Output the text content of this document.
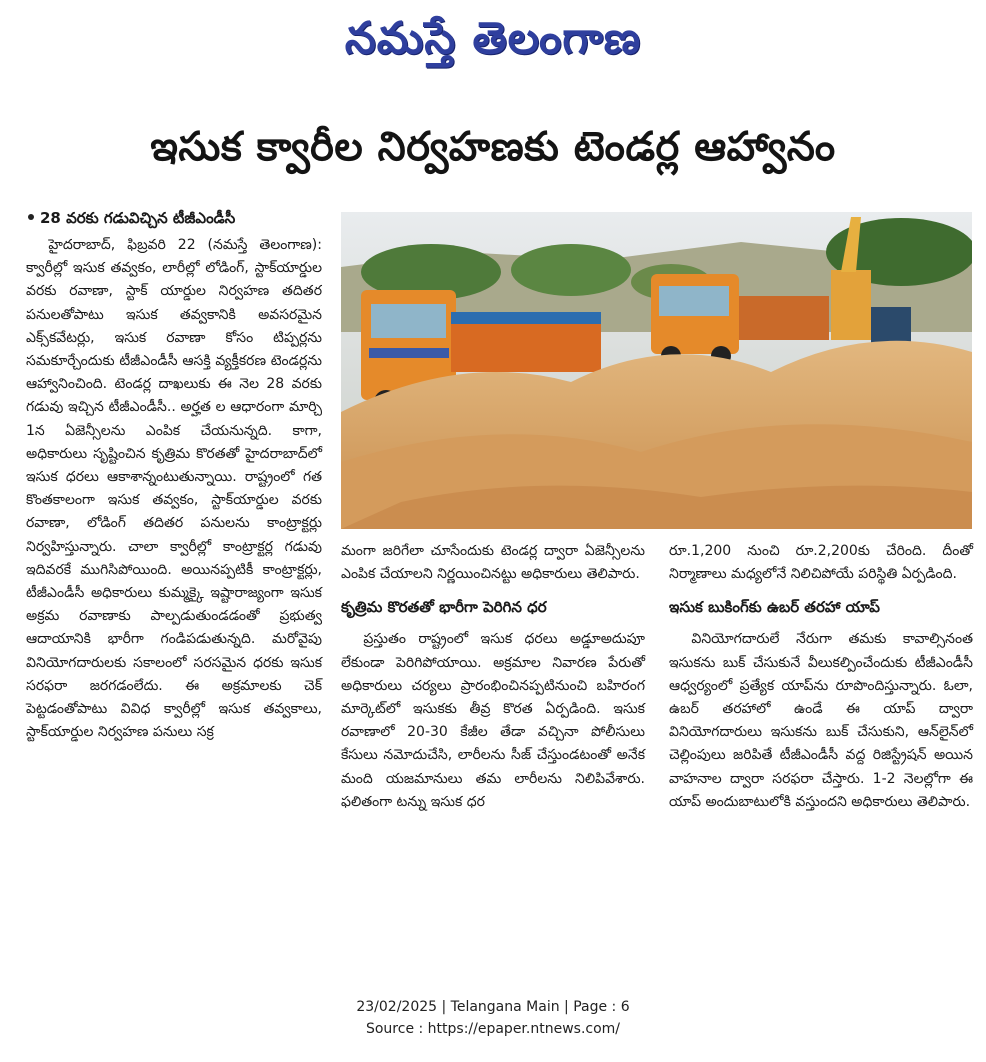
నమస్తే తెలంగాణ
ఇసుక క్వారీల నిర్వహణకు టెండర్ల ఆహ్వానం
28 వరకు గడువిచ్చిన టీజీఎండీసీ

హైదరాబాద్‌, ఫిబ్రవరి 22 (నమస్తే తెలంగాణ): క్వారీల్లో ఇసుక తవ్వకం, లారీల్లో లోడింగ్‌, స్టాక్‌యార్డుల వరకు రవాణా, స్టాక్‌ యార్డుల నిర్వహణ తదితర పనులతోపాటు ఇసుక తవ్వకానికి అవసరమైన ఎక్స్‌కవేటర్లు, ఇసుక రవాణా కోసం టిప్పర్లను సమకూర్చేందుకు టీజీఎండీసీ ఆసక్తి వ్యక్తీకరణ టెండర్లను ఆహ్వానించింది. టెండర్ల దాఖలుకు ఈ నెల 28 వరకు గడువు ఇచ్చిన టీజీఎండీసీ.. అర్హత ల ఆధారంగా మార్చి 1న ఏజెన్సీలను ఎంపిక చేయనున్నది. కాగా, అధికారులు సృష్టించిన కృత్రిమ కొరతతో హైదరాబాద్‌లో ఇసుక ధరలు ఆకాశాన్నంటుతున్నాయి. రాష్ట్రంలో గత కొంతకాలంగా ఇసుక తవ్వకం, స్టాక్‌యార్డుల వరకు రవాణా, లోడింగ్‌ తదితర పనులను కాంట్రాక్టర్లు నిర్వహిస్తున్నారు. చాలా క్వారీల్లో కాంట్రాక్టర్ల గడువు ఇదివరకే ముగిసిపోయింది. అయినప్పటికీ కాంట్రాక్టర్లు, టీజీఎండీసీ అధికారులు కుమ్మక్కై ఇష్టారాజ్యంగా ఇసుక అక్రమ రవాణాకు పాల్పడుతుండడంతో ప్రభుత్వ ఆదాయానికి భారీగా గండిపడుతున్నది. మరోవైపు వినియోగదారులకు సకాలంలో సరసమైన ధరకు ఇసుక సరఫరా జరగడంలేదు. ఈ అక్రమాలకు చెక్‌ పెట్టడంతోపాటు వివిధ క్వారీల్లో ఇసుక తవ్వకాలు, స్టాక్‌యార్డుల నిర్వహణ పనులు సక్ర

మంగా జరిగేలా చూసేందుకు టెండర్ల ద్వారా ఏజెన్సీలను ఎంపిక చేయాలని నిర్ణయించినట్టు అధికారులు తెలిపారు.

కృత్రిమ కొరతతో భారీగా పెరిగిన ధర

ప్రస్తుతం రాష్ట్రంలో ఇసుక ధరలు అడ్డూఅదుపూ లేకుండా పెరిగిపోయాయి. అక్రమాల నివారణ పేరుతో అధికారులు చర్యలు ప్రారంభించినప్పటినుంచి బహిరంగ మార్కెట్‌లో ఇసుకకు తీవ్ర కొరత ఏర్పడింది. ఇసుక రవాణాలో 20-30 కేజీల తేడా వచ్చినా పోలీసులు కేసులు నమోదుచేసి, లారీలను సీజ్‌ చేస్తుండటంతో అనేక మంది యజమానులు తమ లారీలను నిలిపివేశారు. ఫలితంగా టన్ను ఇసుక ధర

రూ.1,200 నుంచి రూ.2,200కు చేరింది. దీంతో నిర్మాణాలు మధ్యలోనే నిలిచిపోయే పరిస్థితి ఏర్పడింది.

ఇసుక బుకింగ్‌కు ఉబర్‌ తరహా యాప్‌

వినియోగదారులే నేరుగా తమకు కావాల్సినంత ఇసుకను బుక్‌ చేసుకునే వీలుకల్పించేందుకు టీజీఎండీసీ ఆధ్వర్యంలో ప్రత్యేక యాప్‌ను రూపొందిస్తున్నారు. ఓలా, ఉబర్‌ తరహాలో ఉండే ఈ యాప్‌ ద్వారా వినియోగదారులు ఇసుకను బుక్‌ చేసుకుని, ఆన్‌లైన్‌లో చెల్లింపులు జరిపితే టీజీఎండీసీ వద్ద రిజిస్ట్రేషన్‌ అయిన వాహనాల ద్వారా సరఫరా చేస్తారు. 1-2 నెలల్లోగా ఈ యాప్‌ అందుబాటులోకి వస్తుందని అధికారులు తెలిపారు.

23/02/2025 | Telangana Main | Page : 6
Source : https://epaper.ntnews.com/
